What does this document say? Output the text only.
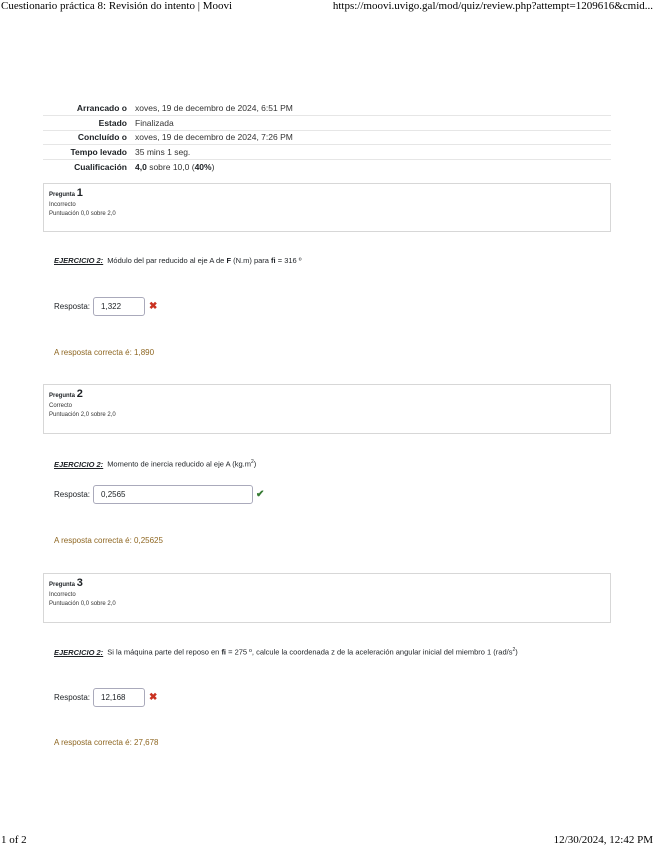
Cuestionario práctica 8: Revisión do intento | Moovi	https://moovi.uvigo.gal/mod/quiz/review.php?attempt=1209616&cmid...
Arrancado o	xoves, 19 de decembro de 2024, 6:51 PM
Estado	Finalizada
Concluído o	xoves, 19 de decembro de 2024, 7:26 PM
Tempo levado	35 mins 1 seg.
Cualificación	4,0 sobre 10,0 (40%)
Pregunta 1
Incorrecto
Puntuación 0,0 sobre 2,0
EJERCICIO 2: Módulo del par reducido al eje A de F (N.m) para fi = 316 º
Resposta:	1,322	✖
A resposta correcta é: 1,890
Pregunta 2
Correcto
Puntuación 2,0 sobre 2,0
EJERCICIO 2: Momento de inercia reducido al eje A $(kg.m^2)$
Resposta:	0,2565	✔
A resposta correcta é: 0,25625
Pregunta 3
Incorrecto
Puntuación 0,0 sobre 2,0
EJERCICIO 2: Si la máquina parte del reposo en fi = 275 º, calcule la coordenada z de la aceleración angular inicial del miembro 1 $(rad/s^2)$
Resposta:	12,168	✖
A resposta correcta é: 27,678
1 of 2	12/30/2024, 12:42 PM
